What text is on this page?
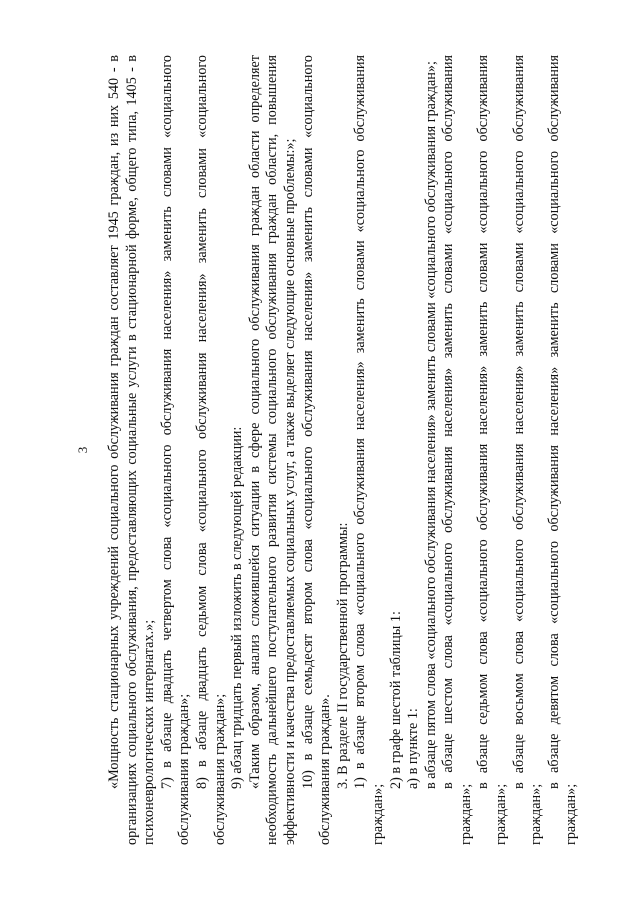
3	«Мощность стационарных учреждений социального обслуживания граждан составляет 1945 граждан, из них 540 - в организациях социального обслуживания, предоставляющих социальные услуги в стационарной форме, общего типа, 1405 - в психоневрологических интернатах.»; 7) в абзаце двадцать четвертом слова «социального обслуживания населения» заменить словами «социального обслуживания граждан»; 8) в абзаце двадцать седьмом слова «социального обслуживания населения» заменить словами «социального обслуживания граждан»; 9) абзац тридцать первый изложить в следующей редакции: «Таким образом, анализ сложившейся ситуации в сфере социального обслуживания граждан области определяет необходимость дальнейшего поступательного развития системы социального обслуживания граждан области, повышения эффективности и качества предоставляемых социальных услуг, а также выделяет следующие основные проблемы:»; 10) в абзаце семьдесят втором слова «социального обслуживания населения» заменить словами «социального обслуживания граждан». 3. В разделе II государственной программы: 1) в абзаце втором слова «социального обслуживания населения» заменить словами «социального обслуживания граждан»;

2) в графе шестой таблицы 1: а) в пункте 1: в абзаце пятом слова «социального обслуживания населения» заменить словами «социального обслуживания граждан»; в абзаце шестом слова «социального обслуживания населения» заменить словами «социального обслуживания граждан»;

в абзаце седьмом слова «социального обслуживания населения» заменить словами «социального обслуживания граждан»;

в абзаце восьмом слова «социального обслуживания населения» заменить словами «социального обслуживания граждан»;

в абзаце девятом слова «социального обслуживания населения» заменить словами «социального обслуживания граждан»;
